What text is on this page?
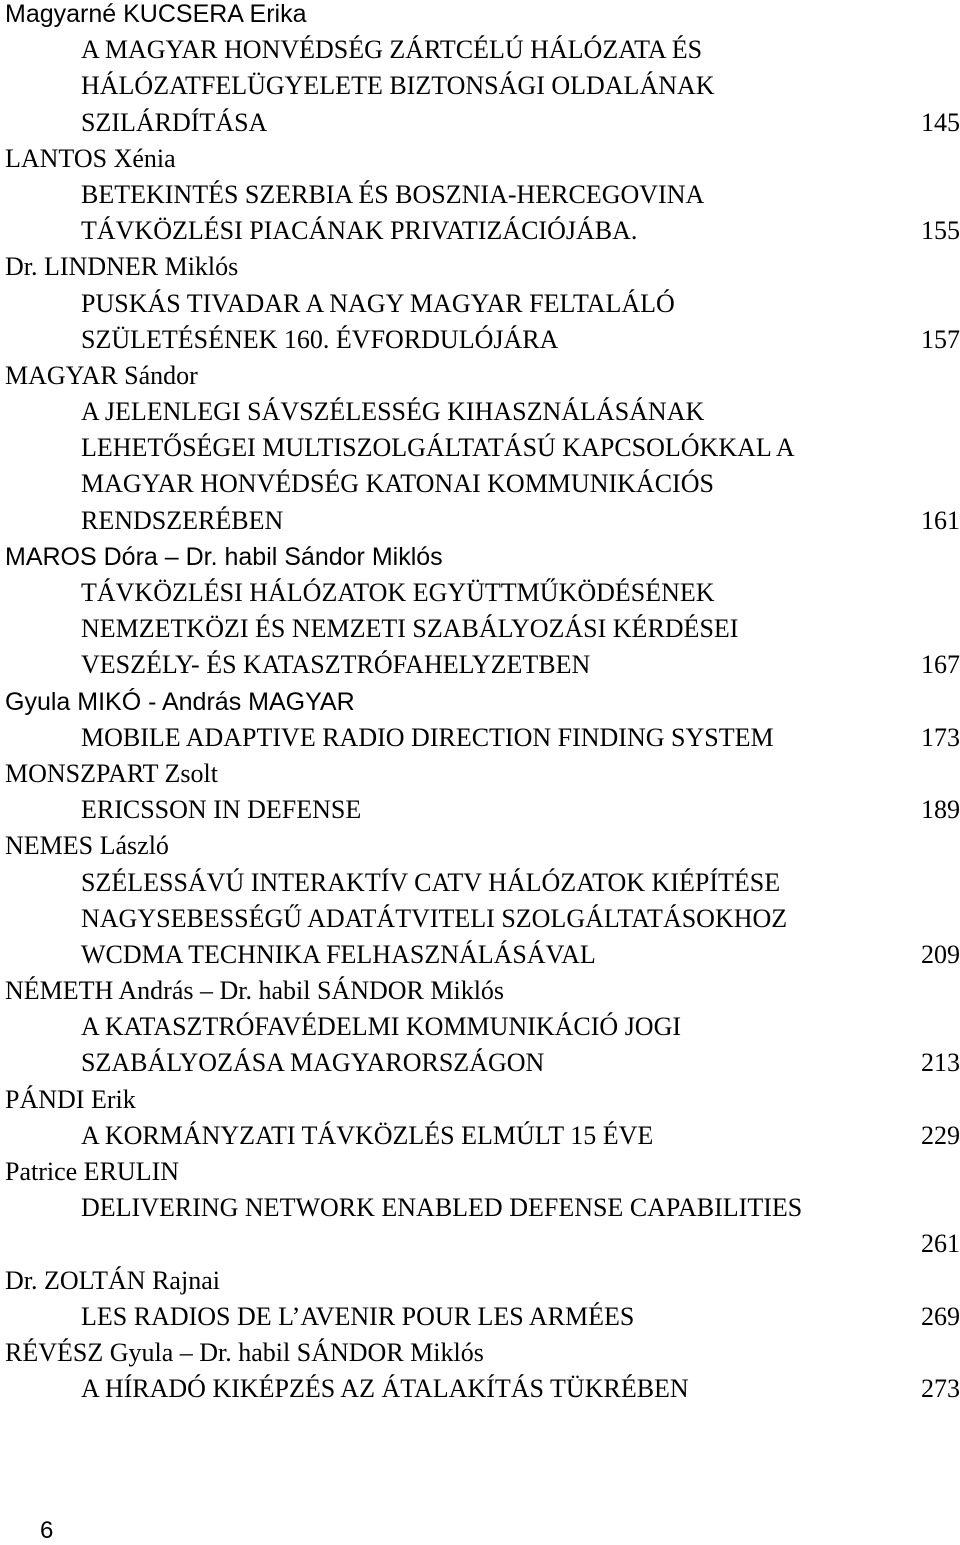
Magyarné KUCSERA Erika
A MAGYAR HONVÉDSÉG ZÁRTCÉLÚ HÁLÓZATA ÉS
HÁLÓZATFELÜGYELETE BIZTONSÁGI OLDALÁNAK
SZILÁRDÍTÁSA	145
LANTOS Xénia
BETEKINTÉS SZERBIA ÉS BOSZNIA-HERCEGOVINA
TÁVKÖZLÉSI PIACÁNAK PRIVATIZÁCIÓJÁBA.	155
Dr. LINDNER Miklós
PUSKÁS TIVADAR A NAGY MAGYAR FELTALÁLÓ
SZÜLETÉSÉNEK 160. ÉVFORDULÓJÁRA	157
MAGYAR Sándor
A JELENLEGI SÁVSZÉLESSÉG KIHASZNÁLÁSÁNAK
LEHETŐSÉGEI MULTISZOLGÁLTATÁSÚ KAPCSOLÓKKAL A
MAGYAR HONVÉDSÉG KATONAI KOMMUNIKÁCIÓS
RENDSZERÉBEN	161
MAROS Dóra – Dr. habil Sándor Miklós
TÁVKÖZLÉSI HÁLÓZATOK EGYÜTTMŰKÖDÉSÉNEK
NEMZETKÖZI ÉS NEMZETI SZABÁLYOZÁSI KÉRDÉSEI
VESZÉLY- ÉS KATASZTRÓFAHELYZETBEN	167
Gyula MIKÓ - András MAGYAR
MOBILE ADAPTIVE RADIO DIRECTION FINDING SYSTEM	173
MONSZPART Zsolt
ERICSSON IN DEFENSE	189
NEMES László
SZÉLESSÁVÚ INTERAKTÍV CATV HÁLÓZATOK KIÉPÍTÉSE
NAGYSEBESSÉGŰ ADATÁTVITELI SZOLGÁLTATÁSOKHOZ
WCDMA TECHNIKA FELHASZNÁLÁSÁVAL	209
NÉMETH András – Dr. habil SÁNDOR Miklós
A KATASZTRÓFAVÉDELMI KOMMUNIKÁCIÓ JOGI
SZABÁLYOZÁSA MAGYARORSZÁGON	213
PÁNDI Erik
A KORMÁNYZATI TÁVKÖZLÉS ELMÚLT 15 ÉVE	229
Patrice ERULIN
DELIVERING NETWORK ENABLED DEFENSE CAPABILITIES
261
Dr. ZOLTÁN Rajnai
LES RADIOS DE L’AVENIR POUR LES ARMÉES	269
RÉVÉSZ Gyula – Dr. habil SÁNDOR Miklós
A HÍRADÓ KIKÉPZÉS AZ ÁTALAKÍTÁS TÜKRÉBEN	273
6
